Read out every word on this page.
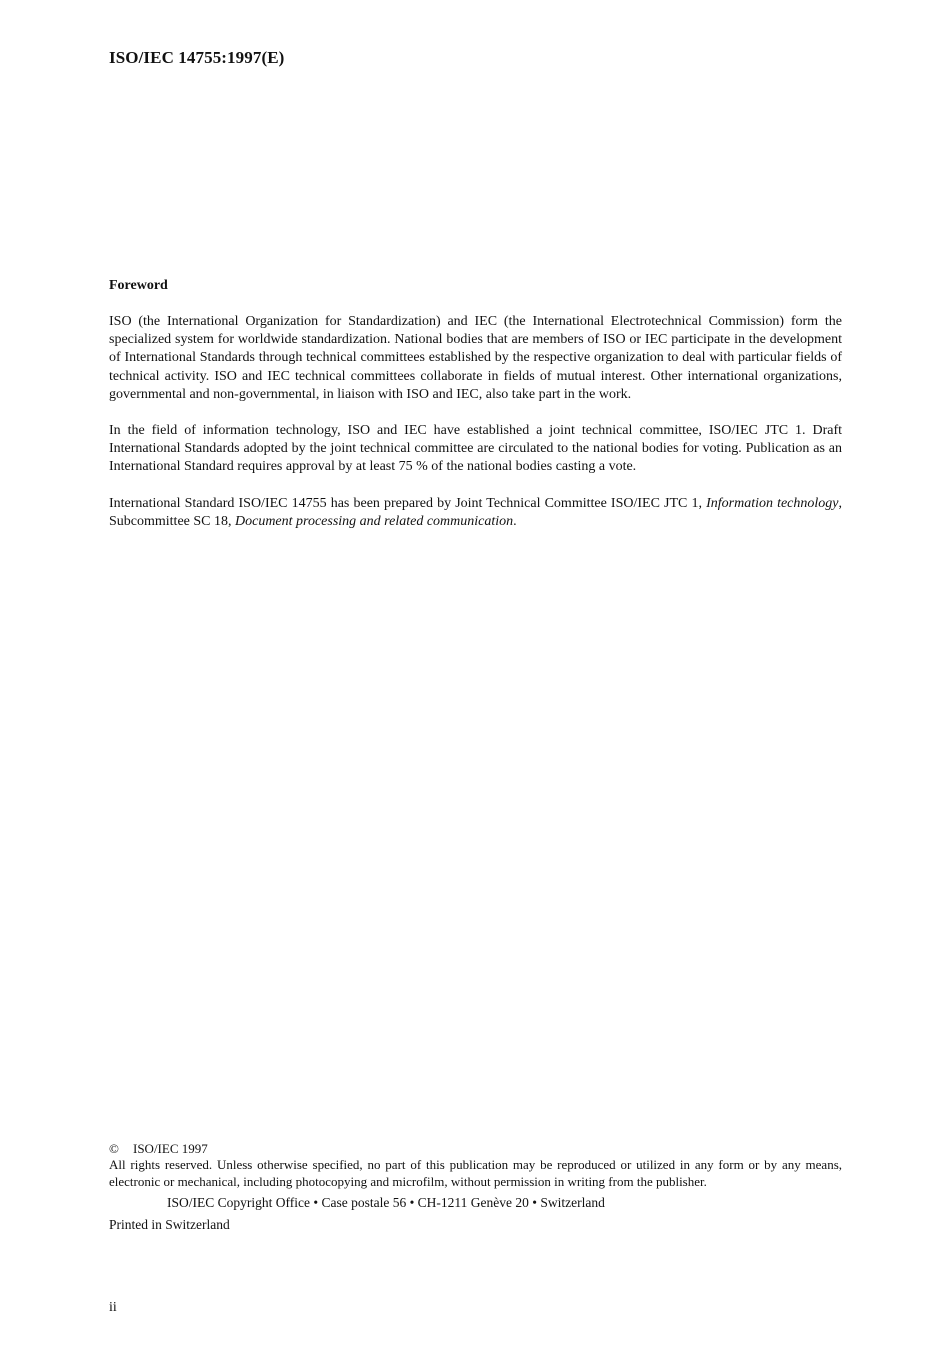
ISO/IEC 14755:1997(E)
Foreword

ISO (the International Organization for Standardization) and IEC (the International Electrotechnical Commission) form the specialized system for worldwide standardization. National bodies that are members of ISO or IEC participate in the development of International Standards through technical committees established by the respective organization to deal with particular fields of technical activity. ISO and IEC technical committees collaborate in fields of mutual interest. Other international organizations, governmental and non-governmental, in liaison with ISO and IEC, also take part in the work.

In the field of information technology, ISO and IEC have established a joint technical committee, ISO/IEC JTC 1. Draft International Standards adopted by the joint technical committee are circulated to the national bodies for voting. Publication as an International Standard requires approval by at least 75 % of the national bodies casting a vote.

International Standard ISO/IEC 14755 has been prepared by Joint Technical Committee ISO/IEC JTC 1, Information technology, Subcommittee SC 18, Document processing and related communication.

©	ISO/IEC 1997
All rights reserved. Unless otherwise specified, no part of this publication may be reproduced or utilized in any form or by any means, electronic or mechanical, including photocopying and microfilm, without permission in writing from the publisher.
ISO/IEC Copyright Office • Case postale 56 • CH-1211 Genève 20 • Switzerland
Printed in Switzerland
ii
